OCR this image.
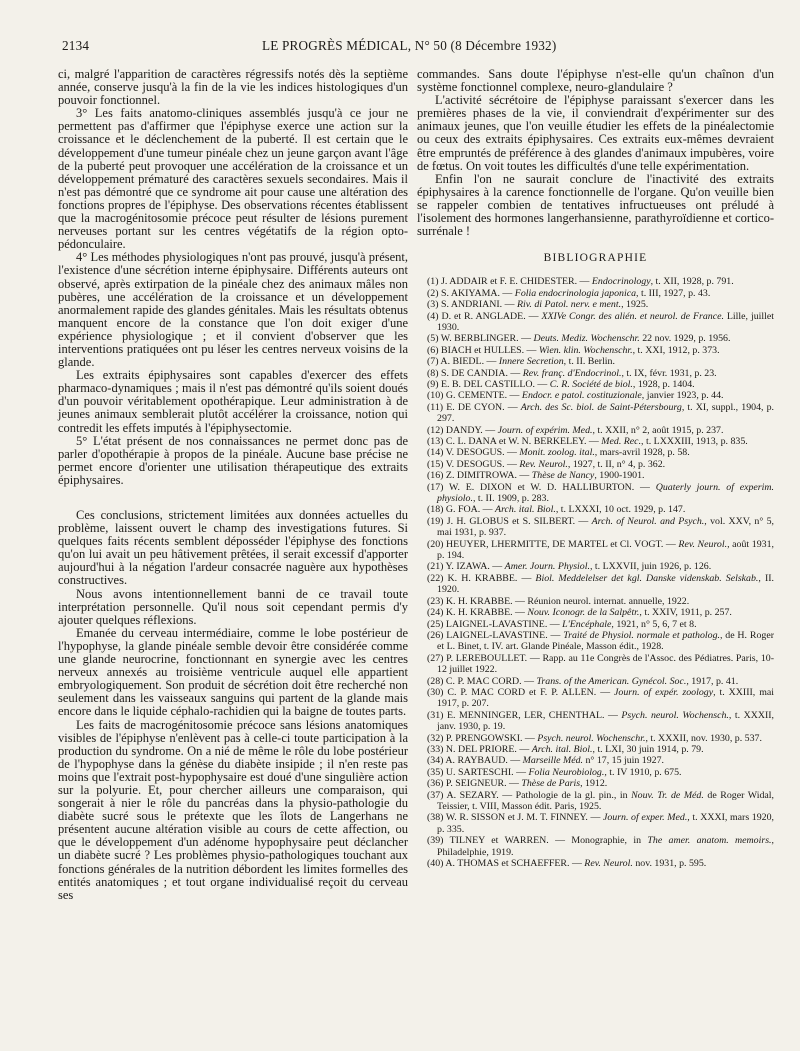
2134	LE PROGRÈS MÉDICAL, N° 50 (8 Décembre 1932)

ci, malgré l'apparition de caractères régressifs notés dès la septième année, conserve jusqu'à la fin de la vie les indices histologiques d'un pouvoir fonctionnel.

3° Les faits anatomo-cliniques assemblés jusqu'à ce jour ne permettent pas d'affirmer que l'épiphyse exerce une action sur la croissance et le déclenchement de la puberté. Il est certain que le développement d'une tumeur pinéale chez un jeune garçon avant l'âge de la puberté peut provoquer une accélération de la croissance et un développement prématuré des caractères sexuels secondaires. Mais il n'est pas démontré que ce syndrome ait pour cause une altération des fonctions propres de l'épiphyse. Des observations récentes établissent que la macrogénitosomie précoce peut résulter de lésions purement nerveuses portant sur les centres végétatifs de la région opto-pédonculaire.

4° Les méthodes physiologiques n'ont pas prouvé, jusqu'à présent, l'existence d'une sécrétion interne épiphysaire. Différents auteurs ont observé, après extirpation de la pinéale chez des animaux mâles non pubères, une accélération de la croissance et un développement anormalement rapide des glandes génitales. Mais les résultats obtenus manquent encore de la constance que l'on doit exiger d'une expérience physiologique ; et il convient d'observer que les interventions pratiquées ont pu léser les centres nerveux voisins de la glande.

Les extraits épiphysaires sont capables d'exercer des effets pharmaco-dynamiques ; mais il n'est pas démontré qu'ils soient doués d'un pouvoir véritablement opothérapique. Leur administration à de jeunes animaux semblerait plutôt accélérer la croissance, notion qui contredit les effets imputés à l'épiphysectomie.

5° L'état présent de nos connaissances ne permet donc pas de parler d'opothérapie à propos de la pinéale. Aucune base précise ne permet encore d'orienter une utilisation thérapeutique des extraits épiphysaires.

Ces conclusions, strictement limitées aux données actuelles du problème, laissent ouvert le champ des investigations futures. Si quelques faits récents semblent déposséder l'épiphyse des fonctions qu'on lui avait un peu hâtivement prêtées, il serait excessif d'apporter aujourd'hui à la négation l'ardeur consacrée naguère aux hypothèses constructives.

Nous avons intentionnellement banni de ce travail toute interprétation personnelle. Qu'il nous soit cependant permis d'y ajouter quelques réflexions.

Emanée du cerveau intermédiaire, comme le lobe postérieur de l'hypophyse, la glande pinéale semble devoir être considérée comme une glande neurocrine, fonctionnant en synergie avec les centres nerveux annexés au troisième ventricule auquel elle appartient embryologiquement. Son produit de sécrétion doit être recherché non seulement dans les vaisseaux sanguins qui partent de la glande mais encore dans le liquide céphalo-rachidien qui la baigne de toutes parts.

Les faits de macrogénitosomie précoce sans lésions anatomiques visibles de l'épiphyse n'enlèvent pas à celle-ci toute participation à la production du syndrome. On a nié de même le rôle du lobe postérieur de l'hypophyse dans la génèse du diabète insipide ; il n'en reste pas moins que l'extrait post-hypophysaire est doué d'une singulière action sur la polyurie. Et, pour chercher ailleurs une comparaison, qui songerait à nier le rôle du pancréas dans la physio-pathologie du diabète sucré sous le prétexte que les îlots de Langerhans ne présentent aucune altération visible au cours de cette affection, ou que le développement d'un adénome hypophysaire peut déclancher un diabète sucré ? Les problèmes physio-pathologiques touchant aux fonctions générales de la nutrition débordent les limites formelles des entités anatomiques ; et tout organe individualisé reçoit du cerveau ses

commandes. Sans doute l'épiphyse n'est-elle qu'un chaînon d'un système fonctionnel complexe, neuro-glandulaire ?

L'activité sécrétoire de l'épiphyse paraissant s'exercer dans les premières phases de la vie, il conviendrait d'expérimenter sur des animaux jeunes, que l'on veuille étudier les effets de la pinéalectomie ou ceux des extraits épiphysaires. Ces extraits eux-mêmes devraient être empruntés de préférence à des glandes d'animaux impubères, voire de fœtus. On voit toutes les difficultés d'une telle expérimentation.

Enfin l'on ne saurait conclure de l'inactivité des extraits épiphysaires à la carence fonctionnelle de l'organe. Qu'on veuille bien se rappeler combien de tentatives infructueuses ont préludé à l'isolement des hormones langerhansienne, parathyroïdienne et cortico-surrénale !

BIBLIOGRAPHIE
(1) J. ADDAIR et F. E. CHIDESTER. — Endocrinology, t. XII, 1928, p. 791.
(2) S. AKIYAMA. — Folia endocrinologia japonica, t. III, 1927, p. 43.
(3) S. ANDRIANI. — Riv. di Patol. nerv. e ment., 1925.
(4) D. et R. ANGLADE. — XXIVe Congr. des alién. et neurol. de France. Lille, juillet 1930.
(5) W. BERBLINGER. — Deuts. Mediz. Wochenschr. 22 nov. 1929, p. 1956.
(6) BIACH et HULLES. — Wien. klin. Wochenschr., t. XXI, 1912, p. 373.
(7) A. BIEDL. — Innere Secretion, t. II. Berlin.
(8) S. DE CANDIA. — Rev. franç. d'Endocrinol., t. IX, févr. 1931, p. 23.
(9) E. B. DEL CASTILLO. — C. R. Société de biol., 1928, p. 1404.
(10) G. CEMENTE. — Endocr. e patol. costituzionale, janvier 1923, p. 44.
(11) E. DE CYON. — Arch. des Sc. biol. de Saint-Pétersbourg, t. XI, suppl., 1904, p. 297.
(12) DANDY. — Journ. of expérim. Med., t. XXII, n° 2, août 1915, p. 237.
(13) C. L. DANA et W. N. BERKELEY. — Med. Rec., t. LXXXIII, 1913, p. 835.
(14) V. DESOGUS. — Monit. zoolog. ital., mars-avril 1928, p. 58.
(15) V. DESOGUS. — Rev. Neurol., 1927, t. II, n° 4, p. 362.
(16) Z. DIMITROWA. — Thèse de Nancy, 1900-1901.
(17) W. E. DIXON et W. D. HALLIBURTON. — Quaterly journ. of experim. physiolo., t. II. 1909, p. 283.
(18) G. FOA. — Arch. ital. Biol., t. LXXXI, 10 oct. 1929, p. 147.
(19) J. H. GLOBUS et S. SILBERT. — Arch. of Neurol. and Psych., vol. XXV, n° 5, mai 1931, p. 937.
(20) HEUYER, LHERMITTE, DE MARTEL et Cl. VOGT. — Rev. Neurol., août 1931, p. 194.
(21) Y. IZAWA. — Amer. Journ. Physiol., t. LXXVII, juin 1926, p. 126.
(22) K. H. KRABBE. — Biol. Meddelelser det kgl. Danske videnskab. Selskab., II. 1920.
(23) K. H. KRABBE. — Réunion neurol. internat. annuelle, 1922.
(24) K. H. KRABBE. — Nouv. Iconogr. de la Salpêtr., t. XXIV, 1911, p. 257.
(25) LAIGNEL-LAVASTINE. — L'Encéphale, 1921, n° 5, 6, 7 et 8.
(26) LAIGNEL-LAVASTINE. — Traité de Physiol. normale et patholog., de H. Roger et L. Binet, t. IV. art. Glande Pinéale, Masson édit., 1928.
(27) P. LEREBOULLET. — Rapp. au 11e Congrès de l'Assoc. des Pédiatres. Paris, 10-12 juillet 1922.
(28) C. P. MAC CORD. — Trans. of the American. Gynécol. Soc., 1917, p. 41.
(30) C. P. MAC CORD et F. P. ALLEN. — Journ. of expér. zoology, t. XXIII, mai 1917, p. 207.
(31) E. MENNINGER, LER, CHENTHAL. — Psych. neurol. Wochensch., t. XXXII, janv. 1930, p. 19.
(32) P. PRENGOWSKI. — Psych. neurol. Wochenschr., t. XXXII, nov. 1930, p. 537.
(33) N. DEL PRIORE. — Arch. ital. Biol., t. LXI, 30 juin 1914, p. 79.
(34) A. RAYBAUD. — Marseille Méd. n° 17, 15 juin 1927.
(35) U. SARTESCHI. — Folia Neurobiolog., t. IV 1910, p. 675.
(36) P. SEIGNEUR. — Thèse de Paris, 1912.
(37) A. SEZARY. — Pathologie de la gl. pin., in Nouv. Tr. de Méd. de Roger Widal, Teissier, t. VIII, Masson édit. Paris, 1925.
(38) W. R. SISSON et J. M. T. FINNEY. — Journ. of exper. Med., t. XXXI, mars 1920, p. 335.
(39) TILNEY et WARREN. — Monographie, in The amer. anatom. memoirs., Philadelphie, 1919.
(40) A. THOMAS et SCHAEFFER. — Rev. Neurol. nov. 1931, p. 595.
